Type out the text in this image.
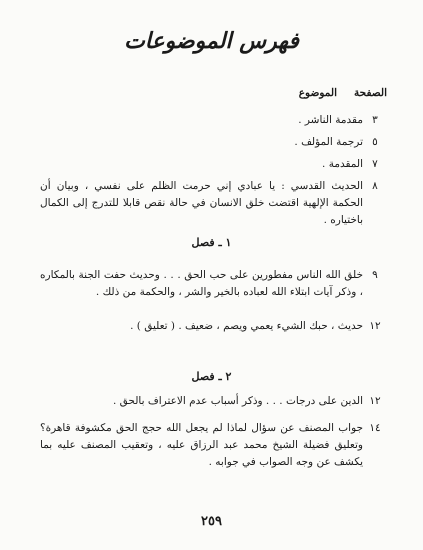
فهرس الموضوعات
الصفحة
الموضوع
٣
مقدمة الناشر .
٥
ترجمة المؤلف .
٧
المقدمة .
٨
الحديث القدسي : يا عبادي إني حرمت الظلم على نفسي ، وبيان أن الحكمة الإلهية اقتضت خلق الانسان في حالة نقص قابلا للتدرج إلى الكمال باختياره .
١ ـ فصل
٩
خلق الله الناس مفطورين على حب الحق . . . وحديث حفت الجنة بالمكاره ، وذكر آيات ابتلاء الله لعباده بالخير والشر ، والحكمة من ذلك .
١٢
حديث ، حبك الشيء يعمي ويصم ، ضعيف . ( تعليق ) .
٢ ـ فصل
١٢
الدين على درجات . . . وذكر أسباب عدم الاعتراف بالحق .
١٤
جواب المصنف عن سؤال لماذا لم يجعل الله حجج الحق مكشوفة قاهرة؟ وتعليق فضيلة الشيخ محمد عبد الرزاق عليه ، وتعقيب المصنف عليه بما يكشف عن وجه الصواب في جوابه .
٢٥٩
